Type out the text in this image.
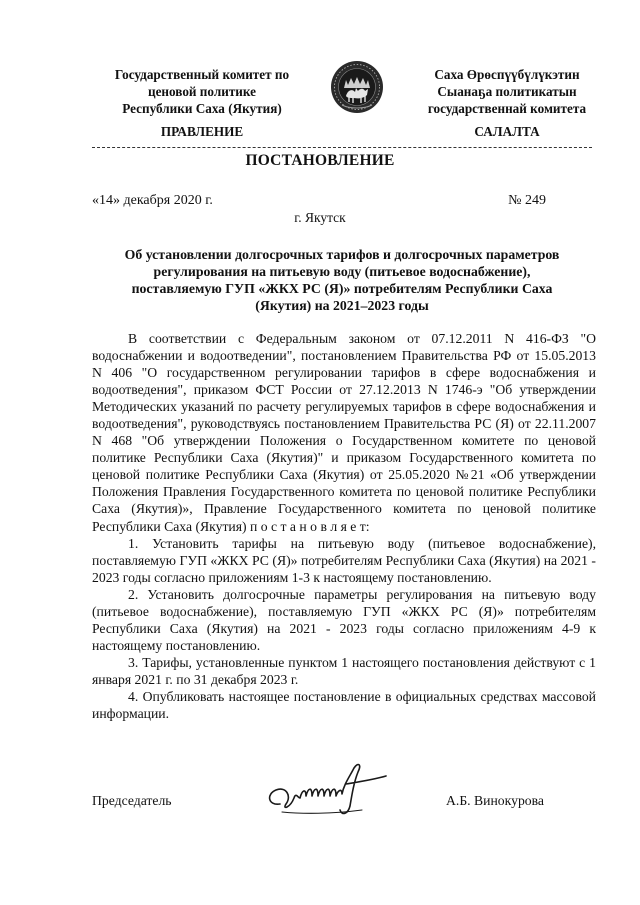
Государственный комитет по
ценовой политике
Республики Саха (Якутия)
Саха Өрөспүүбүлүкэтин
Сыанаҕа политикатын
государственнай комитета
ПРАВЛЕНИЕ	САЛАЛТА
ПОСТАНОВЛЕНИЕ
«14» декабря 2020 г.	№ 249
г. Якутск
Об установлении долгосрочных тарифов и долгосрочных параметров
регулирования на питьевую воду (питьевое водоснабжение),
поставляемую ГУП «ЖКХ РС (Я)» потребителям Республики Саха
(Якутия) на 2021–2023 годы

В соответствии с Федеральным законом от 07.12.2011 N 416-ФЗ "О водоснабжении и водоотведении", постановлением Правительства РФ от 15.05.2013 N 406 "О государственном регулировании тарифов в сфере водоснабжения и водоотведения", приказом ФСТ России от 27.12.2013 N 1746-э "Об утверждении Методических указаний по расчету регулируемых тарифов в сфере водоснабжения и водоотведения", руководствуясь постановлением Правительства РС (Я) от 22.11.2007 N 468 "Об утверждении Положения о Государственном комитете по ценовой политике Республики Саха (Якутия)" и приказом Государственного комитета по ценовой политике Республики Саха (Якутия) от 25.05.2020 №21 «Об утверждении Положения Правления Государственного комитета по ценовой политике Республики Саха (Якутия)», Правление Государственного комитета по ценовой политике Республики Саха (Якутия) п о с т а н о в л я е т:

1. Установить тарифы на питьевую воду (питьевое водоснабжение), поставляемую ГУП «ЖКХ РС (Я)» потребителям Республики Саха (Якутия) на 2021 - 2023 годы согласно приложениям 1-3 к настоящему постановлению.

2. Установить долгосрочные параметры регулирования на питьевую воду (питьевое водоснабжение), поставляемую ГУП «ЖКХ РС (Я)» потребителям Республики Саха (Якутия) на 2021 - 2023 годы согласно приложениям 4-9 к настоящему постановлению.

3. Тарифы, установленные пунктом 1 настоящего постановления действуют с 1 января 2021 г. по 31 декабря 2023 г.

4. Опубликовать настоящее постановление в официальных средствах массовой информации.

Председатель	А.Б. Винокурова
